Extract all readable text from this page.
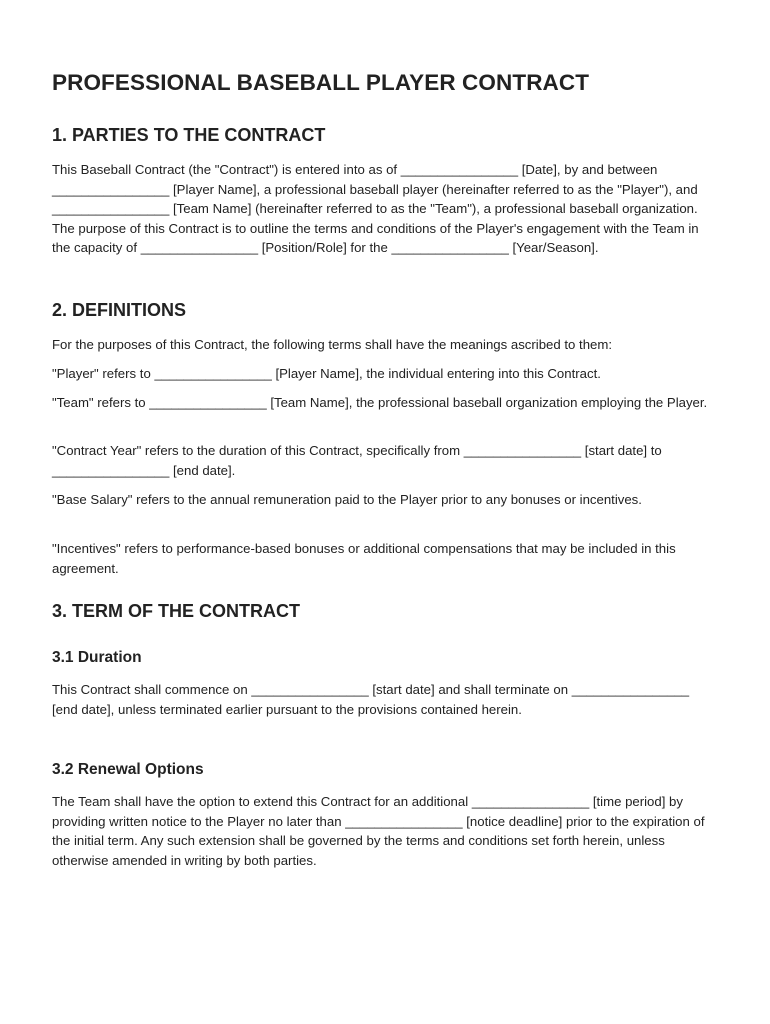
PROFESSIONAL BASEBALL PLAYER CONTRACT
1. PARTIES TO THE CONTRACT

This Baseball Contract (the "Contract") is entered into as of ________________ [Date], by and between ________________ [Player Name], a professional baseball player (hereinafter referred to as the "Player"), and ________________ [Team Name] (hereinafter referred to as the "Team"), a professional baseball organization. The purpose of this Contract is to outline the terms and conditions of the Player's engagement with the Team in the capacity of ________________ [Position/Role] for the ________________ [Year/Season].

2. DEFINITIONS

For the purposes of this Contract, the following terms shall have the meanings ascribed to them:

"Player" refers to ________________ [Player Name], the individual entering into this Contract.

"Team" refers to ________________ [Team Name], the professional baseball organization employing the Player.

"Contract Year" refers to the duration of this Contract, specifically from ________________ [start date] to ________________ [end date].

"Base Salary" refers to the annual remuneration paid to the Player prior to any bonuses or incentives.

"Incentives" refers to performance-based bonuses or additional compensations that may be included in this agreement.

3. TERM OF THE CONTRACT
3.1 Duration

This Contract shall commence on ________________ [start date] and shall terminate on ________________ [end date], unless terminated earlier pursuant to the provisions contained herein.

3.2 Renewal Options

The Team shall have the option to extend this Contract for an additional ________________ [time period] by providing written notice to the Player no later than ________________ [notice deadline] prior to the expiration of the initial term. Any such extension shall be governed by the terms and conditions set forth herein, unless otherwise amended in writing by both parties.
